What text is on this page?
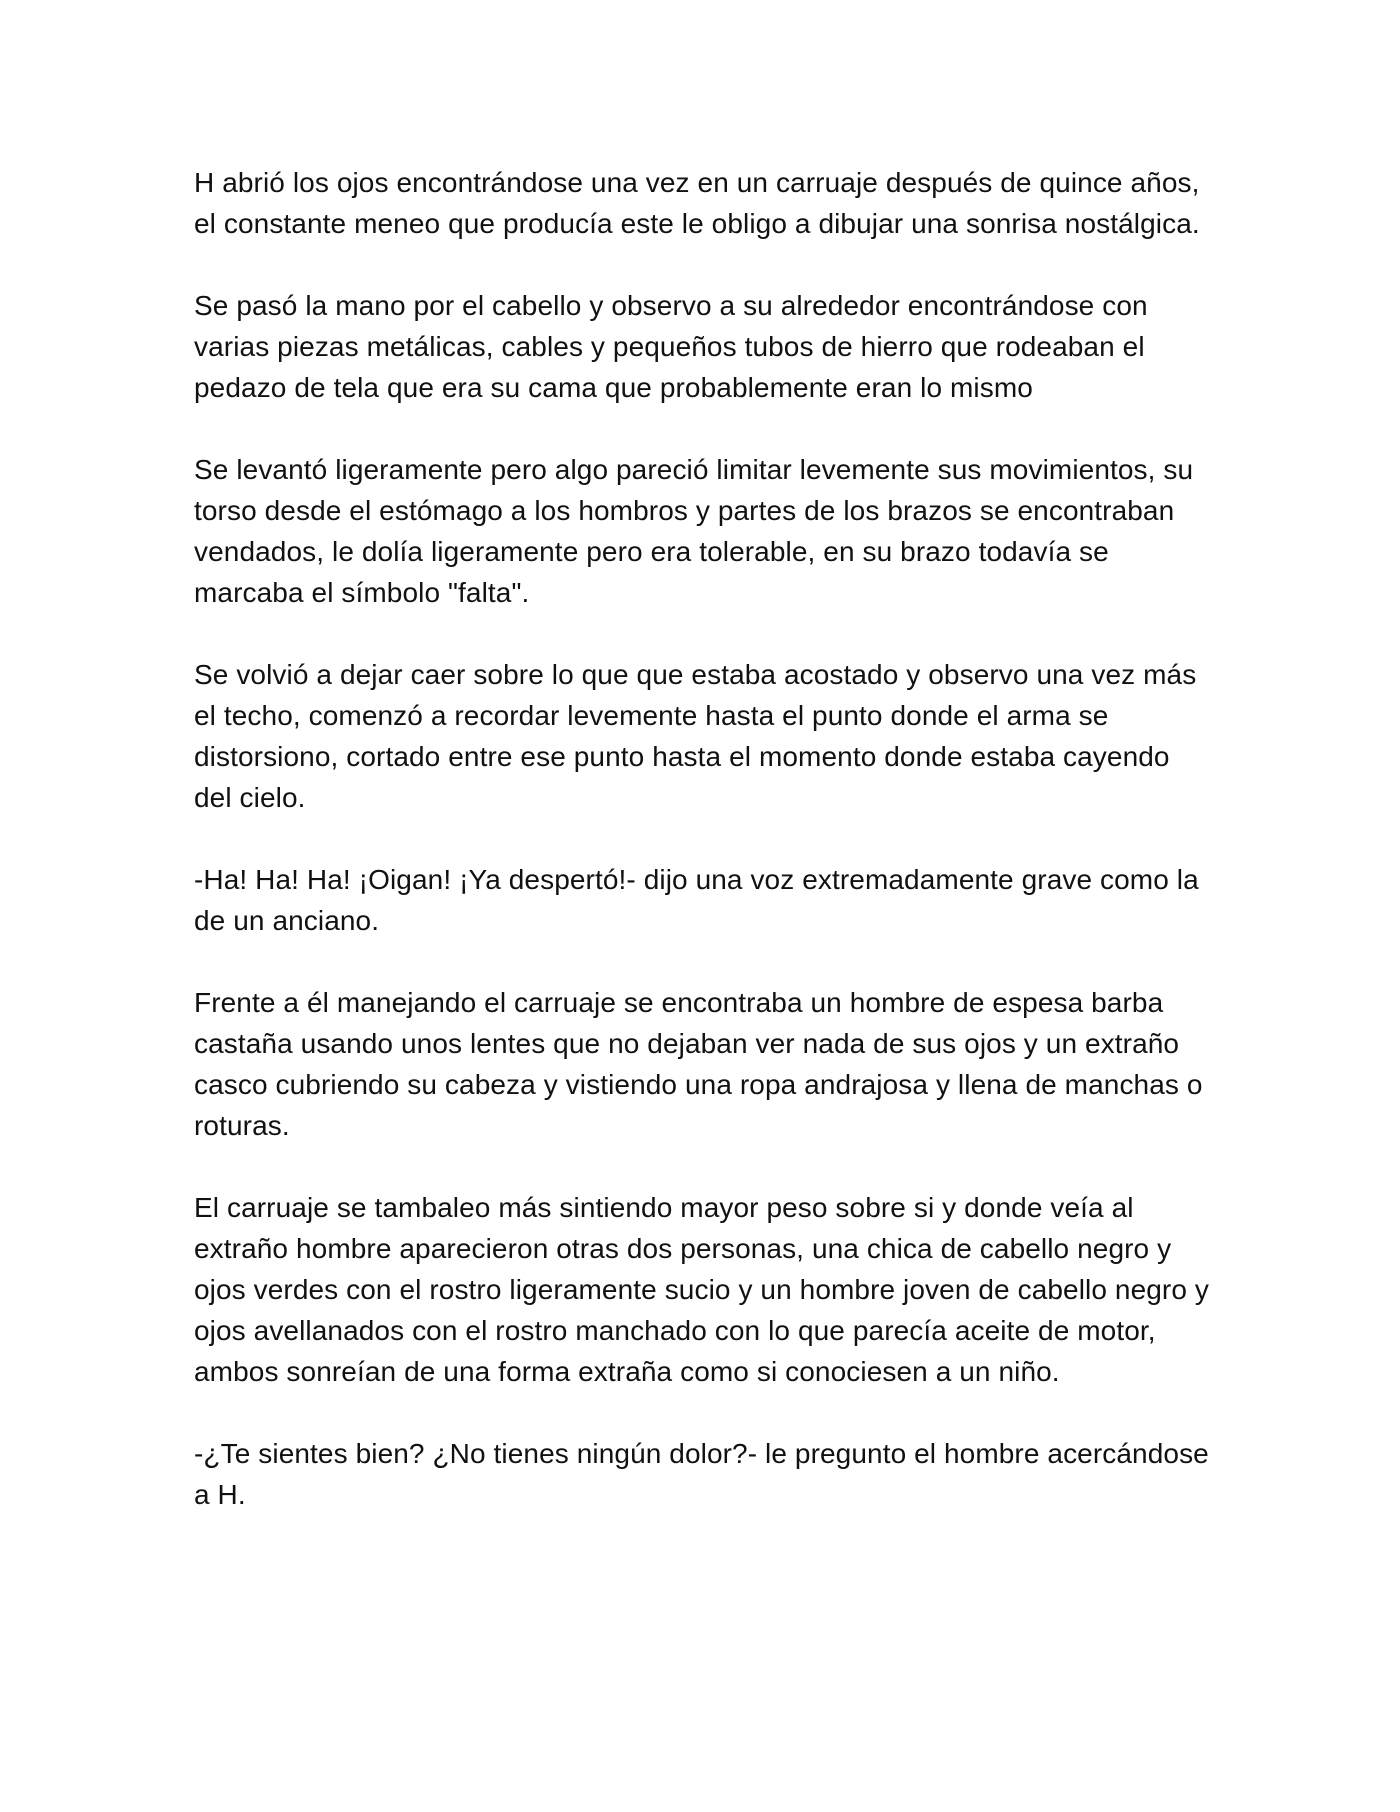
H abrió los ojos encontrándose una vez en un carruaje después de quince años, el constante meneo que producía este le obligo a dibujar una sonrisa nostálgica.

Se pasó la mano por el cabello y observo a su alrededor encontrándose con varias piezas metálicas, cables y pequeños tubos de hierro que rodeaban el pedazo de tela que era su cama que probablemente eran lo mismo

Se levantó ligeramente pero algo pareció limitar levemente sus movimientos, su torso desde el estómago a los hombros y partes de los brazos se encontraban vendados, le dolía ligeramente pero era tolerable, en su brazo todavía se marcaba el símbolo "falta".

Se volvió a dejar caer sobre lo que que estaba acostado y observo una vez más el techo, comenzó a recordar levemente hasta el punto donde el arma se distorsiono, cortado entre ese punto hasta el momento donde estaba cayendo del cielo.

-Ha! Ha! Ha! ¡Oigan! ¡Ya despertó!- dijo una voz extremadamente grave como la de un anciano.

Frente a él manejando el carruaje se encontraba un hombre de espesa barba castaña usando unos lentes que no dejaban ver nada de sus ojos y un extraño casco cubriendo su cabeza y vistiendo una ropa andrajosa y llena de manchas o roturas.

El carruaje se tambaleo más sintiendo mayor peso sobre si y donde veía al extraño hombre aparecieron otras dos personas, una chica de cabello negro y ojos verdes con el rostro ligeramente sucio y un hombre joven de cabello negro y ojos avellanados con el rostro manchado con lo que parecía aceite de motor, ambos sonreían de una forma extraña como si conociesen a un niño.

-¿Te sientes bien? ¿No tienes ningún dolor?- le pregunto el hombre acercándose a H.
